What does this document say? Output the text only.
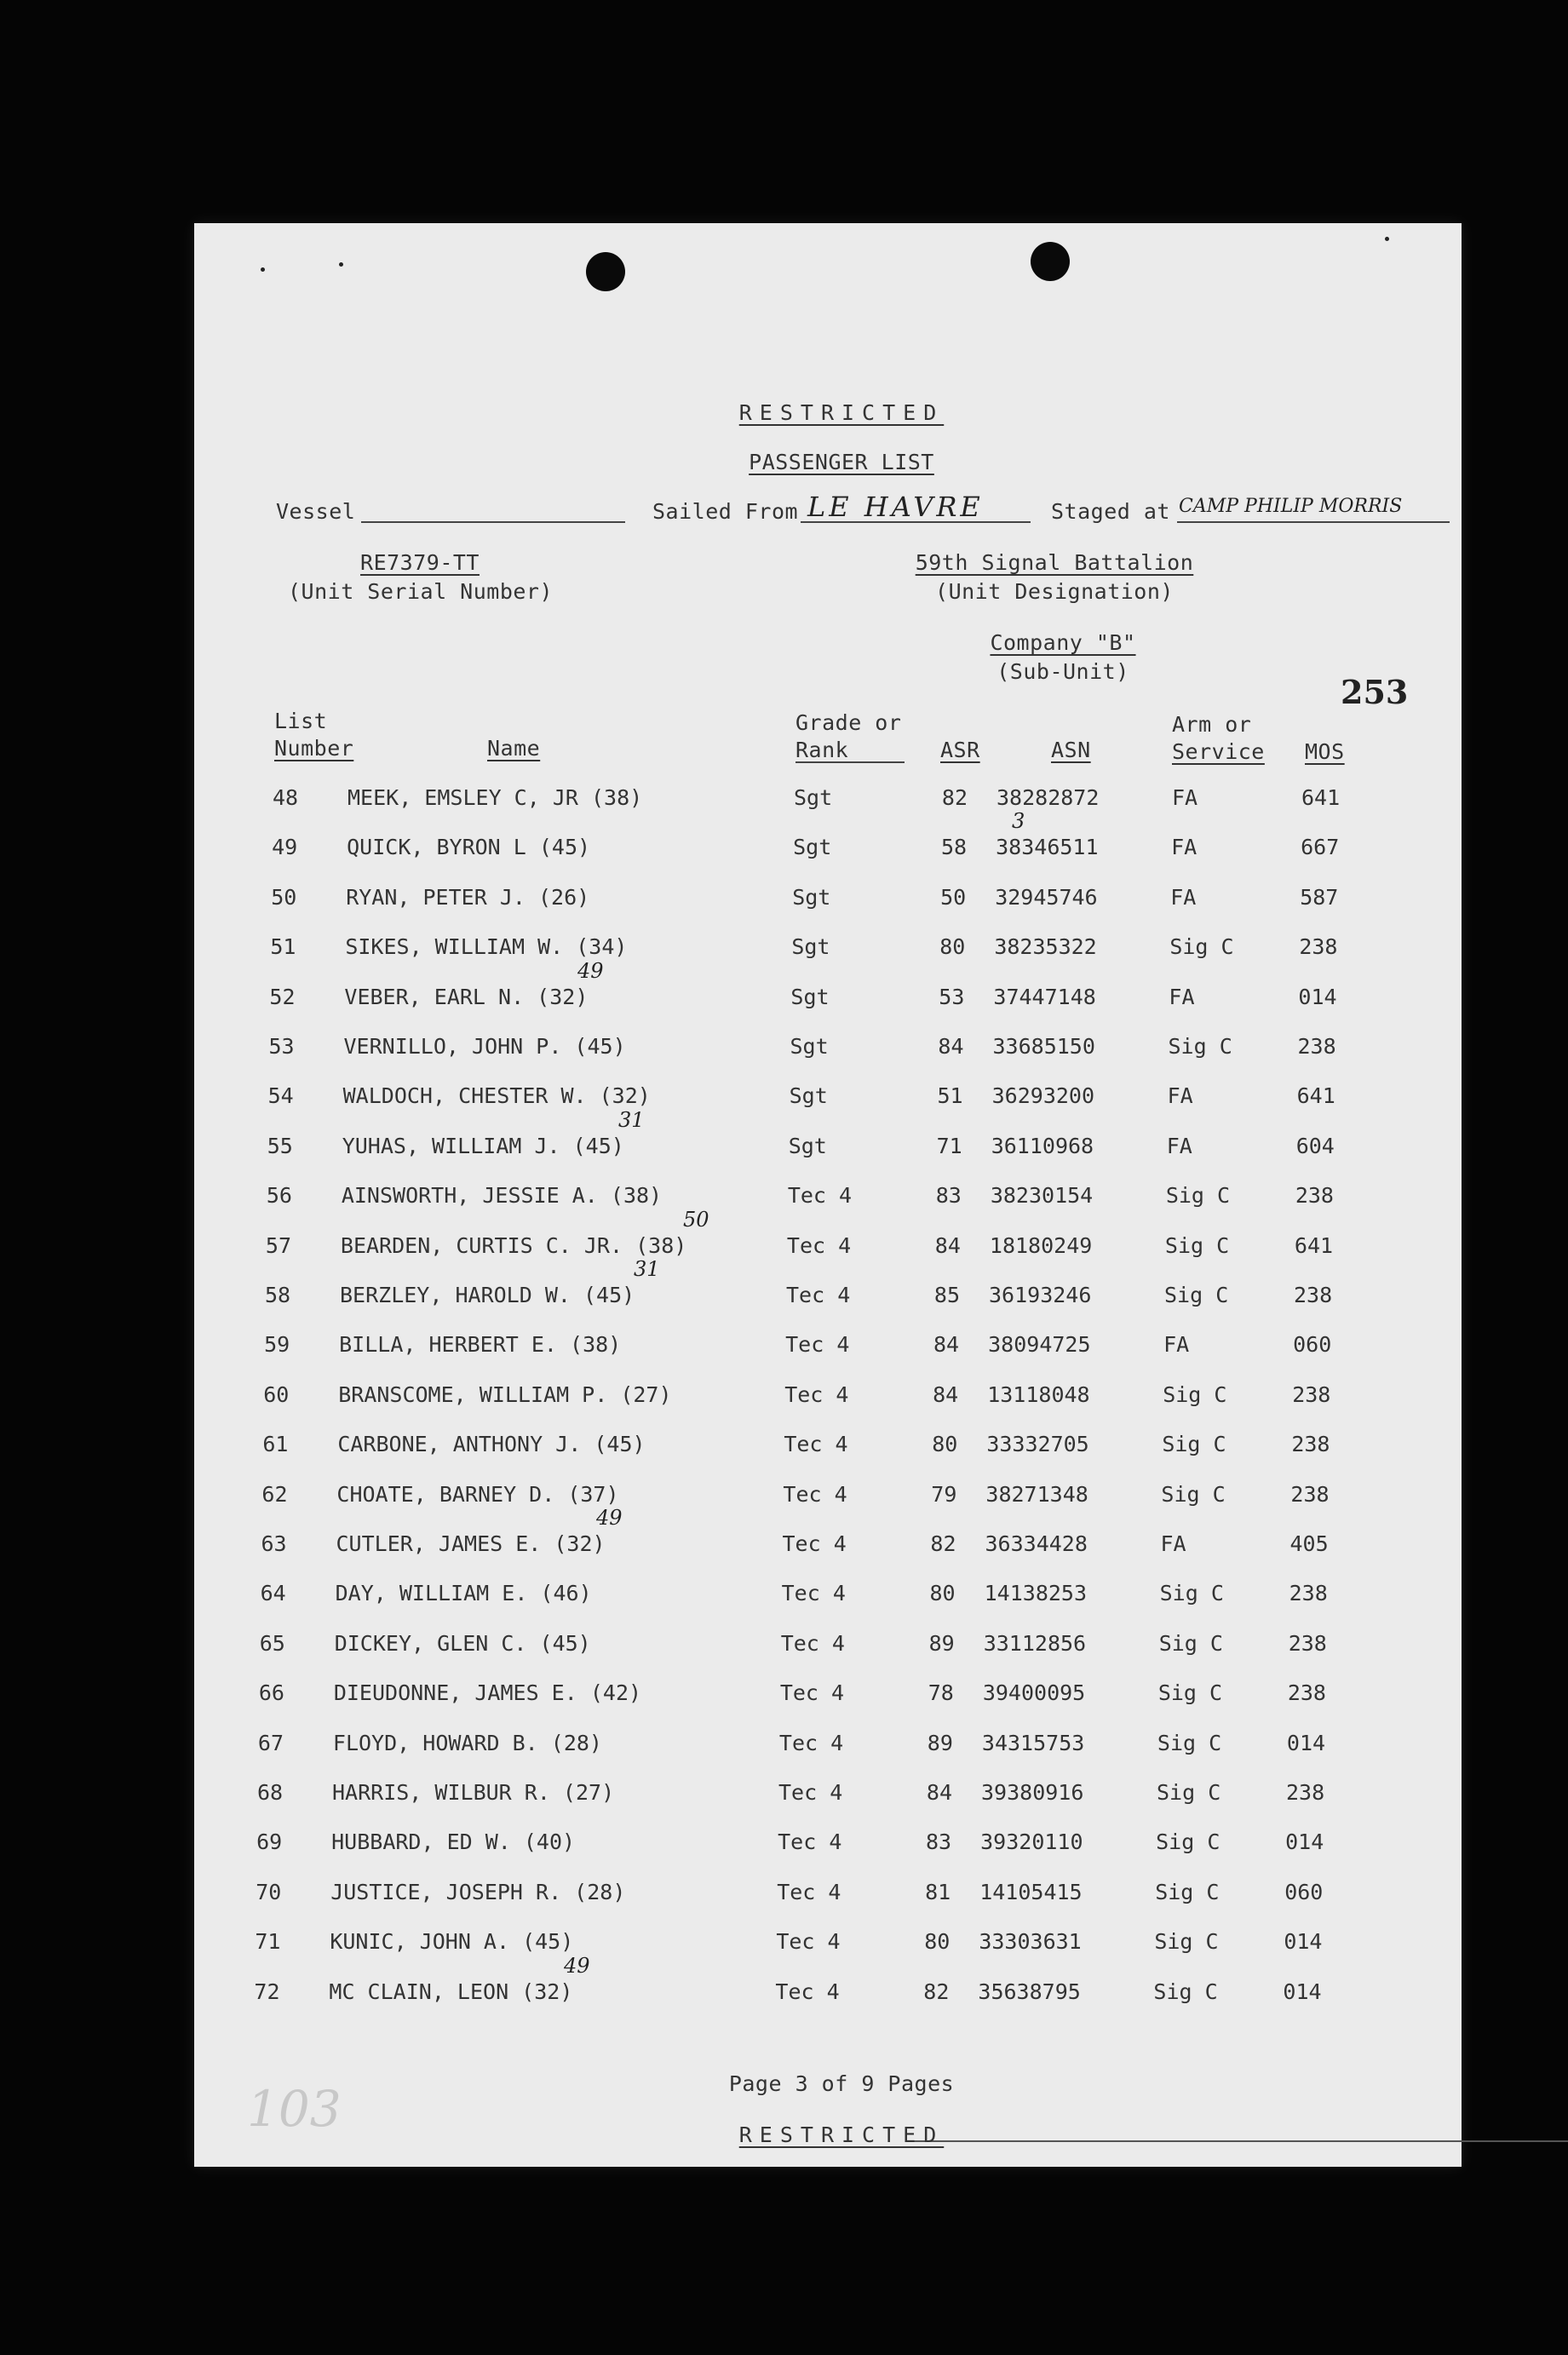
RESTRICTED
PASSENGER LIST
Vessel	Sailed From LE HAVRE	Staged at CAMP PHILIP MORRIS
RE7379-TT
(Unit Serial Number)
59th Signal Battalion
(Unit Designation)
Company "B"
(Sub-Unit)
253
List
Number	Name
Grade or
Rank	ASR	ASN
Arm or
Service MOS
48 MEEK, EMSLEY C, JR (38)	Sgt	82 38282872	FA	641
49 QUICK, BYRON L (45)	Sgt	58 38346511	FA	667
50 RYAN, PETER J. (26)	Sgt	50 32945746	FA	587
51 SIKES, WILLIAM W. (34)	Sgt	80 38235322	Sig C	238
52 VEBER, EARL N. (32)	Sgt	53 37447148	FA	014
53 VERNILLO, JOHN P. (45)	Sgt	84 33685150	Sig C	238
54 WALDOCH, CHESTER W. (32)	Sgt	51 36293200	FA	641
55 YUHAS, WILLIAM J. (45)	Sgt	71 36110968	FA	604
56 AINSWORTH, JESSIE A. (38)	Tec 4	83 38230154	Sig C	238
57 BEARDEN, CURTIS C. JR. (38)	Tec 4	84 18180249	Sig C	641
58 BERZLEY, HAROLD W. (45)	Tec 4	85 36193246	Sig C	238
59 BILLA, HERBERT E. (38)	Tec 4	84 38094725	FA	060
60 BRANSCOME, WILLIAM P. (27)	Tec 4	84 13118048	Sig C	238
61 CARBONE, ANTHONY J. (45)	Tec 4	80 33332705	Sig C	238
62 CHOATE, BARNEY D. (37)	Tec 4	79 38271348	Sig C	238
63 CUTLER, JAMES E. (32)	Tec 4	82 36334428	FA	405
64 DAY, WILLIAM E. (46)	Tec 4	80 14138253	Sig C	238
65 DICKEY, GLEN C. (45)	Tec 4	89 33112856	Sig C	238
66 DIEUDONNE, JAMES E. (42)	Tec 4	78 39400095	Sig C	238
67 FLOYD, HOWARD B. (28)	Tec 4	89 34315753	Sig C	014
68 HARRIS, WILBUR R. (27)	Tec 4	84 39380916	Sig C	238
69 HUBBARD, ED W. (40)	Tec 4	83 39320110	Sig C	014
70 JUSTICE, JOSEPH R. (28)	Tec 4	81 14105415	Sig C	060
71 KUNIC, JOHN A. (45)	Tec 4	80 33303631	Sig C	014
72 MC CLAIN, LEON (32)	Tec 4	82 35638795	Sig C	014
3
49
31
50
31
49
49
Page 3 of 9 Pages
RESTRICTED
103
